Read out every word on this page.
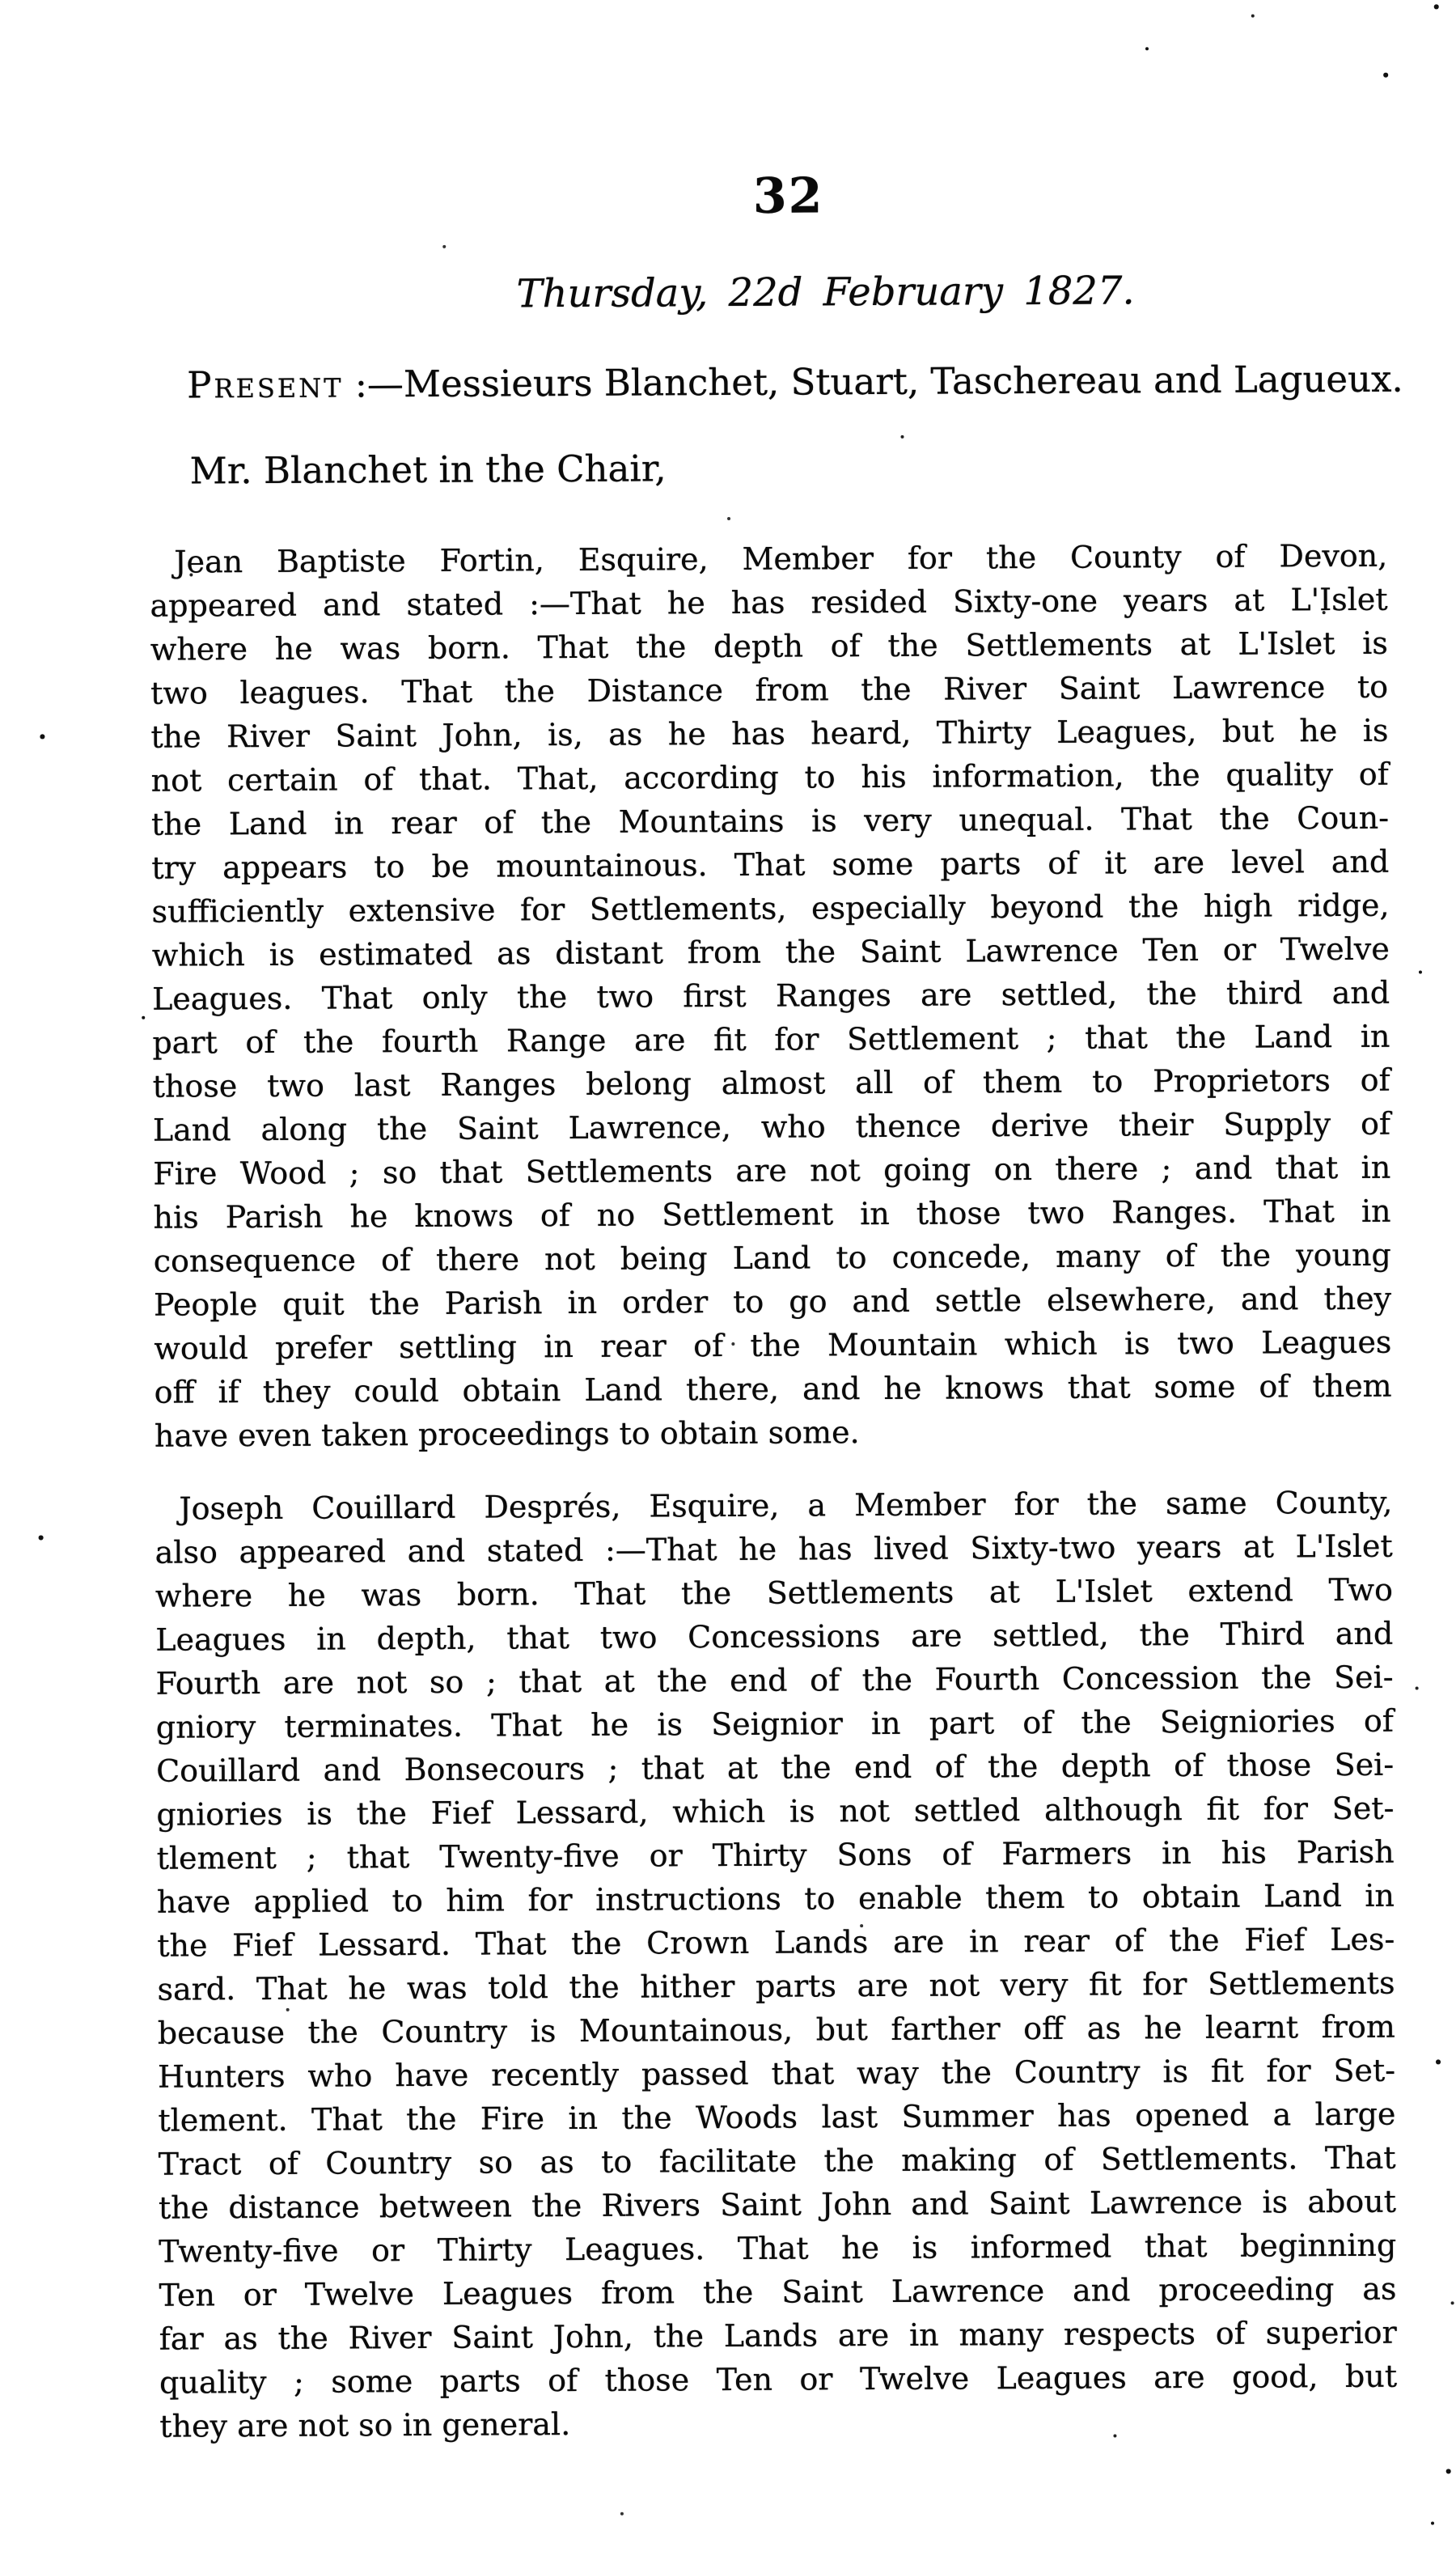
32
Thursday, 22d February 1827.
Present :—Messieurs Blanchet, Stuart, Taschereau and Lagueux.
Mr. Blanchet in the Chair,
Jean Baptiste Fortin, Esquire, Member for the County of Devon,
appeared and stated :—That he has resided Sixty-one years at L'Islet
where he was born. That the depth of the Settlements at L'Islet is
two leagues. That the Distance from the River Saint Lawrence to
the River Saint John, is, as he has heard, Thirty Leagues, but he is
not certain of that. That, according to his information, the quality of
the Land in rear of the Mountains is very unequal. That the Coun-
try appears to be mountainous. That some parts of it are level and
sufficiently extensive for Settlements, especially beyond the high ridge,
which is estimated as distant from the Saint Lawrence Ten or Twelve
Leagues. That only the two first Ranges are settled, the third and
part of the fourth Range are fit for Settlement ; that the Land in
those two last Ranges belong almost all of them to Proprietors of
Land along the Saint Lawrence, who thence derive their Supply of
Fire Wood ; so that Settlements are not going on there ; and that in
his Parish he knows of no Settlement in those two Ranges. That in
consequence of there not being Land to concede, many of the young
People quit the Parish in order to go and settle elsewhere, and they
would prefer settling in rear of the Mountain which is two Leagues
off if they could obtain Land there, and he knows that some of them
have even taken proceedings to obtain some.
Joseph Couillard Després, Esquire, a Member for the same County,
also appeared and stated :—That he has lived Sixty-two years at L'Islet
where he was born. That the Settlements at L'Islet extend Two
Leagues in depth, that two Concessions are settled, the Third and
Fourth are not so ; that at the end of the Fourth Concession the Sei-
gniory terminates. That he is Seignior in part of the Seigniories of
Couillard and Bonsecours ; that at the end of the depth of those Sei-
gniories is the Fief Lessard, which is not settled although fit for Set-
tlement ; that Twenty-five or Thirty Sons of Farmers in his Parish
have applied to him for instructions to enable them to obtain Land in
the Fief Lessard. That the Crown Lands are in rear of the Fief Les-
sard. That he was told the hither parts are not very fit for Settlements
because the Country is Mountainous, but farther off as he learnt from
Hunters who have recently passed that way the Country is fit for Set-
tlement. That the Fire in the Woods last Summer has opened a large
Tract of Country so as to facilitate the making of Settlements. That
the distance between the Rivers Saint John and Saint Lawrence is about
Twenty-five or Thirty Leagues. That he is informed that beginning
Ten or Twelve Leagues from the Saint Lawrence and proceeding as
far as the River Saint John, the Lands are in many respects of superior
quality ; some parts of those Ten or Twelve Leagues are good, but
they are not so in general.
